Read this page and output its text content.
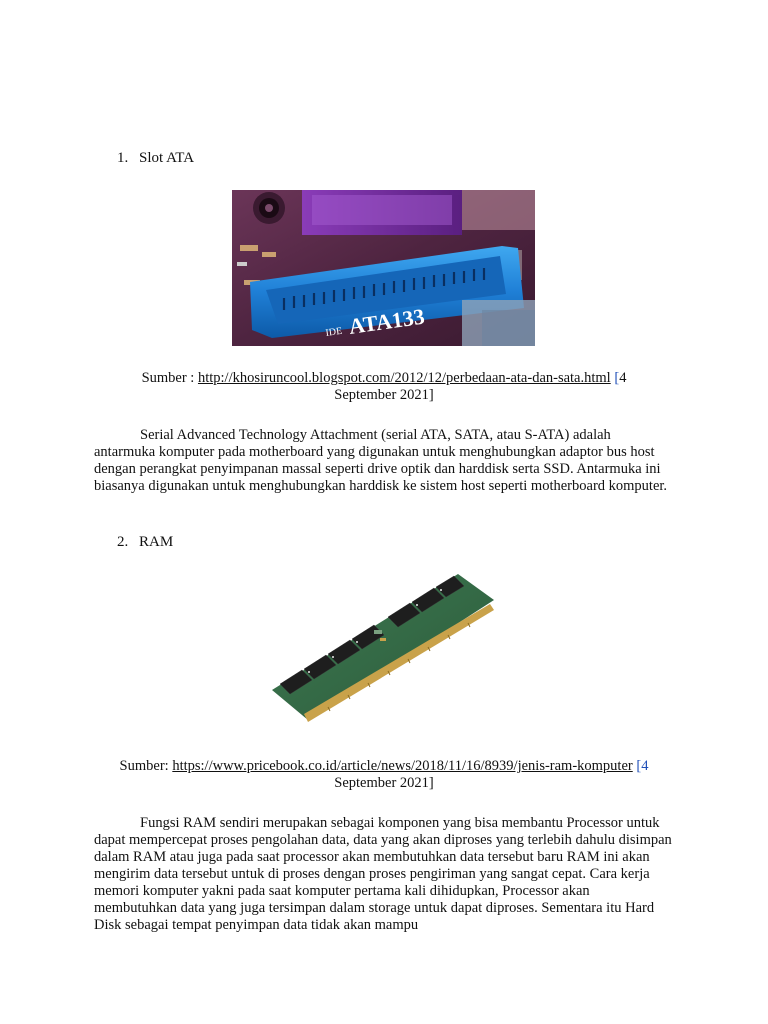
1. Slot ATA
IDE ATA133
Sumber : http://khosiruncool.blogspot.com/2012/12/perbedaan-ata-dan-sata.html [4
September 2021]
Serial Advanced Technology Attachment (serial ATA, SATA, atau S-ATA) adalah antarmuka komputer pada motherboard yang digunakan untuk menghubungkan adaptor bus host dengan perangkat penyimpanan massal seperti drive optik dan harddisk serta SSD. Antarmuka ini biasanya digunakan untuk menghubungkan harddisk ke sistem host seperti motherboard komputer.
2. RAM
Sumber: https://www.pricebook.co.id/article/news/2018/11/16/8939/jenis-ram-komputer [4
September 2021]
Fungsi RAM sendiri merupakan sebagai komponen yang bisa membantu Processor untuk dapat mempercepat proses pengolahan data, data yang akan diproses yang terlebih dahulu disimpan dalam RAM atau juga pada saat processor akan membutuhkan data tersebut baru RAM ini akan mengirim data tersebut untuk di proses dengan proses pengiriman yang sangat cepat. Cara kerja memori komputer yakni pada saat komputer pertama kali dihidupkan, Processor akan membutuhkan data yang juga tersimpan dalam storage untuk dapat diproses. Sementara itu Hard Disk sebagai tempat penyimpan data tidak akan mampu
